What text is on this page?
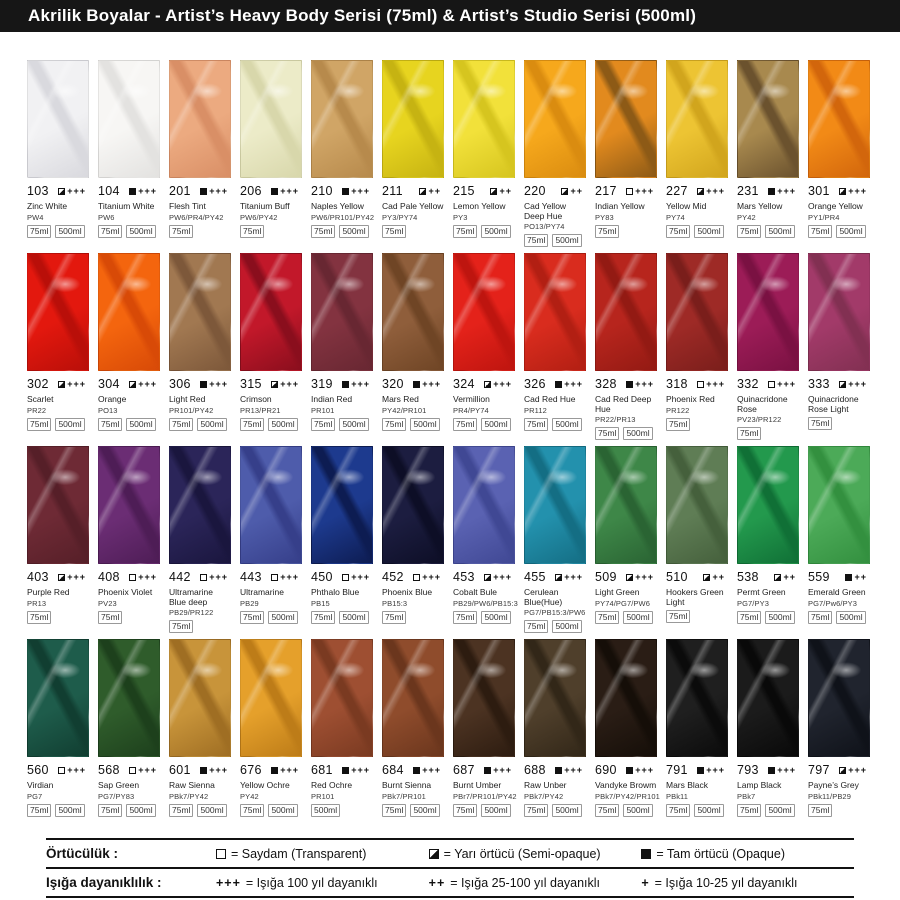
Akrilik Boyalar - Artist’s Heavy Body Serisi (75ml) & Artist’s Studio Serisi (500ml)
103 +++
Zinc White
PW4
75ml	500ml
104 +++
Titanium White
PW6
75ml	500ml
201 +++
Flesh Tint
PW6/PR4/PY42
75ml
206 +++
Titanium Buff
PW6/PY42
75ml
210 +++
Naples Yellow
PW6/PR101/PY42
75ml	500ml
211	++
Cad Pale Yellow
PY3/PY74
75ml
215	++
Lemon Yellow
PY3
75ml	500ml
220	++
Cad Yellow Deep Hue
PO13/PY74
75ml	500ml
217 +++
Indian Yellow
PY83
75ml
227 +++
Yellow Mid
PY74
75ml	500ml
231 +++
Mars Yellow
PY42
75ml	500ml
301 +++
Orange Yellow
PY1/PR4
75ml	500ml
302 +++
Scarlet
PR22
75ml	500ml
304 +++
Orange
PO13
75ml	500ml
306 +++
Light Red
PR101/PY42
75ml	500ml
315 +++
Crimson
PR13/PR21
75ml	500ml
319 +++
Indian Red
PR101
75ml	500ml
320 +++
Mars Red
PY42/PR101
75ml	500ml
324 +++
Vermillion
PR4/PY74
75ml	500ml
326 +++
Cad Red Hue
PR112
75ml	500ml
328 +++
Cad Red Deep Hue
PR22/PR13
75ml	500ml
318 +++
Phoenix Red
PR122
75ml
332 +++
Quinacridone Rose
PV23/PR122
75ml
333 +++
Quinacridone Rose Light
75ml
403 +++
Purple Red
PR13
75ml
408 +++
Phoenix Violet
PV23
75ml
442 +++
Ultramarine Blue deep
PB29/PR122
75ml
443 +++
Ultramarine
PB29
75ml	500ml
450 +++
Phthalo Blue
PB15
75ml	500ml
452 +++
Phoenix Blue
PB15:3
75ml
453 +++
Cobalt Bule
PB29/PW6/PB15:3
75ml	500ml
455 +++
Cerulean Blue(Hue)
PG7/PB15:3/PW6
75ml	500ml
509 +++
Light Green
PY74/PG7/PW6
75ml	500ml
510	++
Hookers Green Light
75ml
538	++
Permt Green
PG7/PY3
75ml	500ml
559	++
Emerald Green
PG7/Pw6/PY3
75ml	500ml
560 +++
Virdian
PG7
75ml	500ml
568 +++
Sap Green
PG7/PY83
75ml	500ml
601 +++
Raw Sienna
PBk7/PY42
75ml	500ml
676 +++
Yellow Ochre
PY42
75ml	500ml
681 +++
Red Ochre
PR101
500ml
684 +++
Burnt Sienna
PBk7/PR101
75ml	500ml
687 +++
Burnt Umber
PBr7/PR101/PY42
75ml	500ml
688 +++
Raw Unber
PBk7/PY42
75ml	500ml
690 +++
Vandyke Browm
PBk7/PY42/PR101
75ml	500ml
791 +++
Mars Black
PBk11
75ml	500ml
793 +++
Lamp Black
PBk7
75ml	500ml
797 +++
Payne’s Grey
PBk11/PB29
75ml
Örtücülük :	= Saydam (Transparent)	= Yarı örtücü (Semi-opaque)	= Tam örtücü (Opaque)
Işığa dayanıklılık :	+++ = Işığa 100 yıl dayanıklı	++ = Işığa 25-100 yıl dayanıklı	+ = Işığa 10-25 yıl dayanıklı
